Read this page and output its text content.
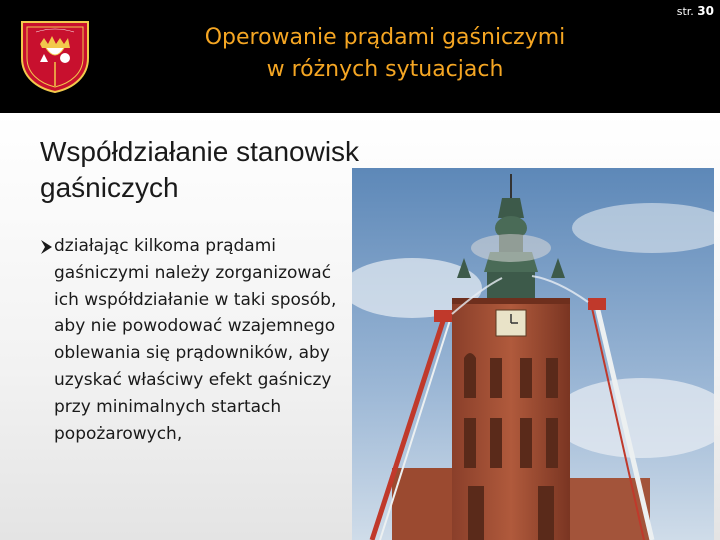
Operowanie prądami gaśniczymi
w różnych sytuacjach
str. 30
Współdziałanie stanowisk
gaśniczych
działając kilkoma prądami gaśniczymi należy zorganizować ich współdziałanie w taki sposób, aby nie powodować wzajemnego oblewania się prądowników, aby uzyskać właściwy efekt gaśniczy przy minimalnych startach popożarowych,
